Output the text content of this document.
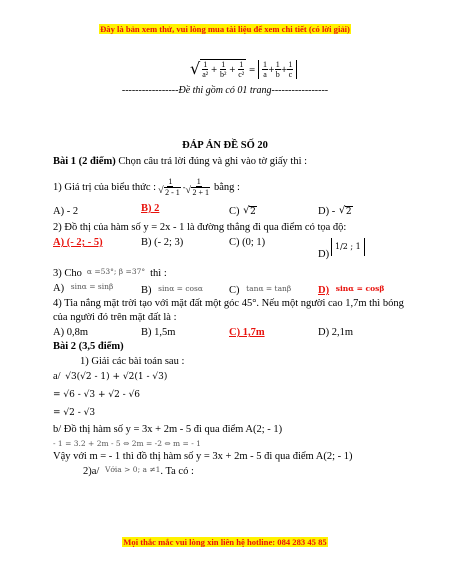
Đây là bản xem thử, vui lòng mua tài liệu để xem chi tiết (có lời giải)
√ $\frac{1}{\text{a²}} + \frac{1}{\text{b²}} + \frac{1}{\text{c²}} = \frac{1}{a} + \frac{1}{b} + \frac{1}{c}$
-----------------Đề thi gồm có 01 trang-----------------
ĐÁP ÁN ĐỀ SỐ 20
Bài 1 (2 điểm) Chọn câu trả lời đúng và ghi vào tờ giấy thi :
1) Giá trị của biểu thức : 1
√ 2 - 1 - 1
√ 2 + 1 bằng :
A) - 2	B) 2	C) √ 2	D) - √ 2
2) Đồ thị của hàm số y = 2x - 1 là đường thẳng đi qua điểm có tọa độ:
A) (- 2; - 5)	B) (- 2; 3)	C) (0; 1)
D)
1/2 ; 1
3) Cho α =53°; β =37° thì :
A) sinα = sinβ	B) sinα = cosα C) tanα = tanβ	D) sinα = cosβ
4) Tia nắng mặt trời tạo với mặt đất một góc 45°. Nếu một người cao 1,7m thì bóng
của người đó trên mặt đất là :
A) 0,8m	B) 1,5m	C) 1,7m	D) 2,1m
Bài 2 (3,5 điểm)
1) Giải các bài toán sau :
a/ √3(√2 - 1) + √2(1 - √3)
= √6 - √3 + √2 - √6
= √2 - √3
b/ Đồ thị hàm số y = 3x + 2m - 5 đi qua điểm A(2; - 1)
- 1 = 3.2 + 2m - 5 ⇔ 2m = -2 ⇔ m = - 1
Vậy với m = - 1 thì đồ thị hàm số y = 3x + 2m - 5 đi qua điểm A(2; - 1)
2)a/ Vớia > 0; a ≠1. Ta có :
Mọi thắc mắc vui lòng xin liên hệ hotline: 084 283 45 85
